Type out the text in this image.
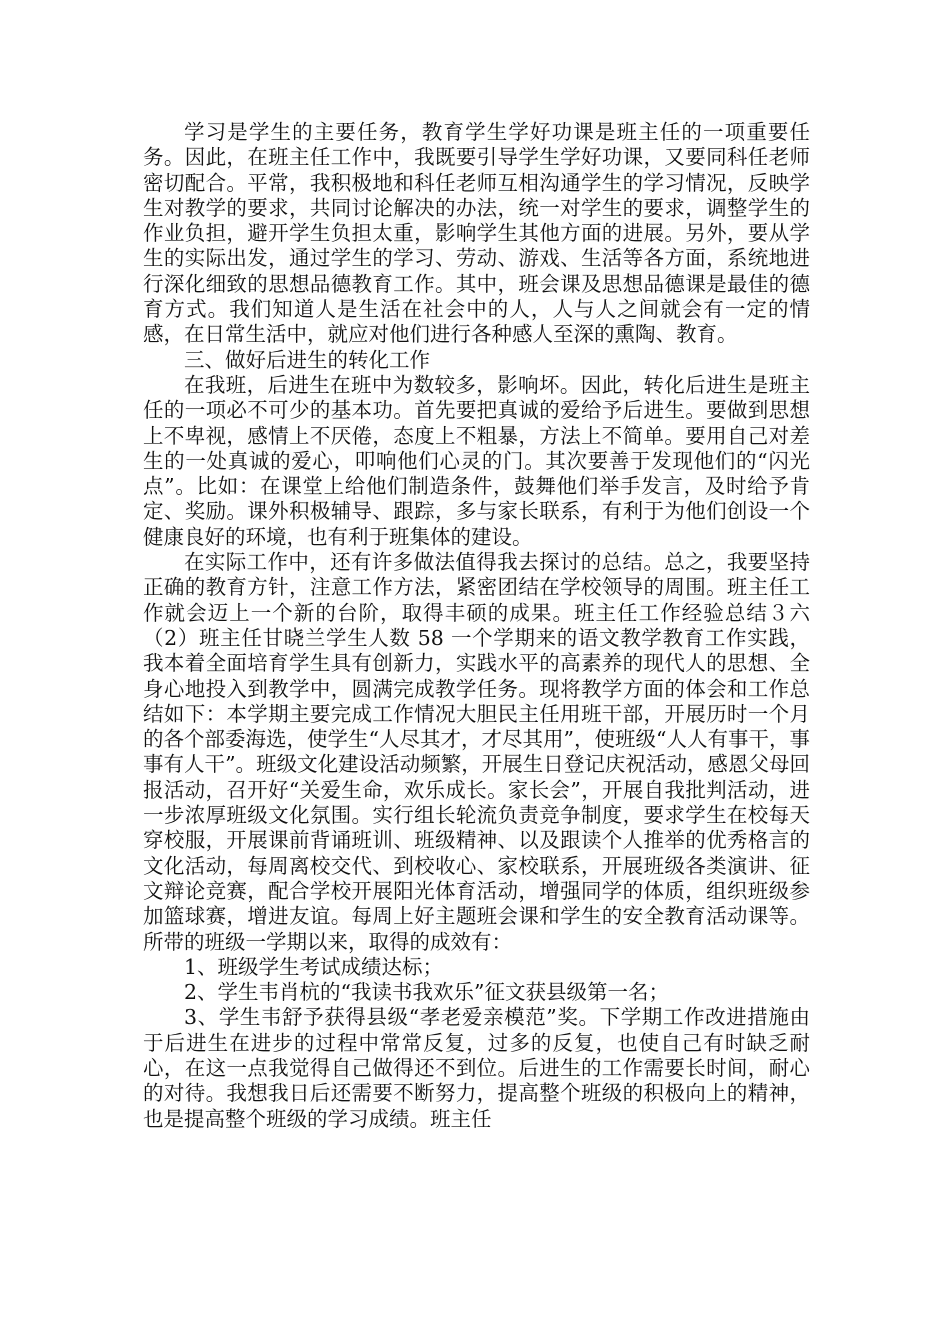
学习是学生的主要任务，教育学生学好功课是班主任的一项重要任务。因此，在班主任工作中，我既要引导学生学好功课，又要同科任老师密切配合。平常，我积极地和科任老师互相沟通学生的学习情况，反映学生对教学的要求，共同讨论解决的办法，统一对学生的要求，调整学生的作业负担，避开学生负担太重，影响学生其他方面的进展。另外，要从学生的实际出发，通过学生的学习、劳动、游戏、生活等各方面，系统地进行深化细致的思想品德教育工作。其中，班会课及思想品德课是最佳的德育方式。我们知道人是生活在社会中的人，人与人之间就会有一定的情感，在日常生活中，就应对他们进行各种感人至深的熏陶、教育。

三、做好后进生的转化工作

在我班，后进生在班中为数较多，影响坏。因此，转化后进生是班主任的一项必不可少的基本功。首先要把真诚的爱给予后进生。要做到思想上不卑视，感情上不厌倦，态度上不粗暴，方法上不简单。要用自己对差生的一处真诚的爱心，叩响他们心灵的门。其次要善于发现他们的“闪光点”。比如：在课堂上给他们制造条件，鼓舞他们举手发言，及时给予肯定、奖励。课外积极辅导、跟踪，多与家长联系，有利于为他们创设一个健康良好的环境，也有利于班集体的建设。

在实际工作中，还有许多做法值得我去探讨的总结。总之，我要坚持正确的教育方针，注意工作方法，紧密团结在学校领导的周围。班主任工作就会迈上一个新的台阶，取得丰硕的成果。班主任工作经验总结３六（2）班主任甘晓兰学生人数 58 一个学期来的语文教学教育工作实践，我本着全面培育学生具有创新力，实践水平的高素养的现代人的思想、全身心地投入到教学中，圆满完成教学任务。现将教学方面的体会和工作总结如下：本学期主要完成工作情况大胆民主任用班干部，开展历时一个月的各个部委海选，使学生“人尽其才，才尽其用”，使班级“人人有事干，事事有人干”。班级文化建设活动频繁，开展生日登记庆祝活动，感恩父母回报活动，召开好“关爱生命，欢乐成长。家长会”，开展自我批判活动，进一步浓厚班级文化氛围。实行组长轮流负责竞争制度，要求学生在校每天穿校服，开展课前背诵班训、班级精神、以及跟读个人推举的优秀格言的文化活动，每周离校交代、到校收心、家校联系，开展班级各类演讲、征文辩论竞赛，配合学校开展阳光体育活动，增强同学的体质，组织班级参加篮球赛，增进友谊。每周上好主题班会课和学生的安全教育活动课等。所带的班级一学期以来，取得的成效有：

1、班级学生考试成绩达标；

2、学生韦肖杭的“我读书我欢乐”征文获县级第一名；

3、学生韦舒予获得县级“孝老爱亲模范”奖。下学期工作改进措施由于后进生在进步的过程中常常反复，过多的反复，也使自己有时缺乏耐心，在这一点我觉得自己做得还不到位。后进生的工作需要长时间，耐心的对待。我想我日后还需要不断努力，提高整个班级的积极向上的精神，也是提高整个班级的学习成绩。班主任
